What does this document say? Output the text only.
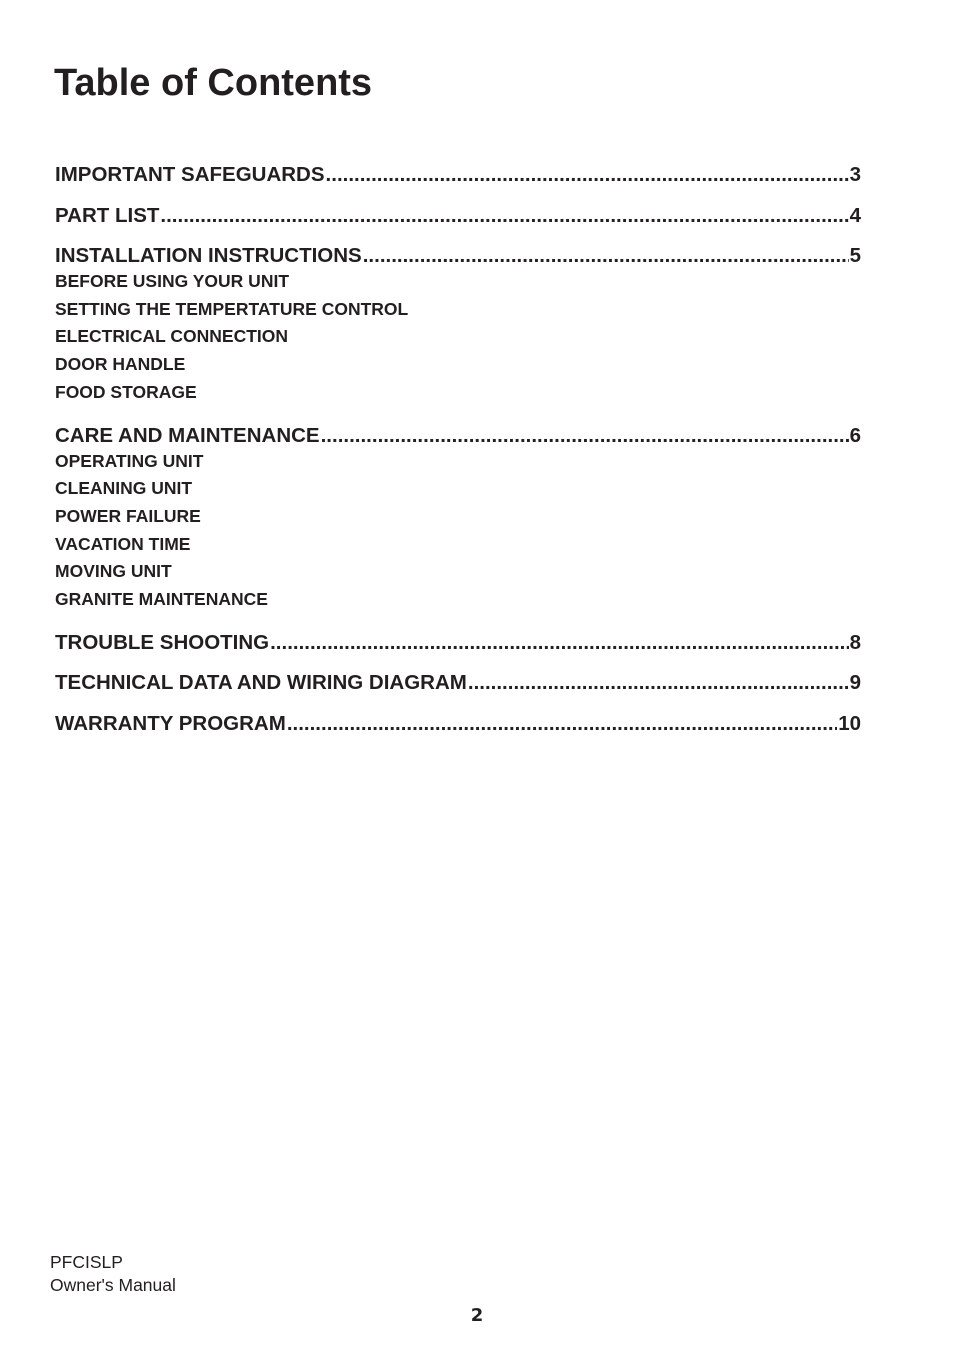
Table of Contents
IMPORTANT SAFEGUARDS .....	3
PART LIST .....	4
INSTALLATION INSTRUCTIONS .....	5
BEFORE USING YOUR UNIT
SETTING THE TEMPERTATURE CONTROL
ELECTRICAL CONNECTION
DOOR HANDLE
FOOD STORAGE
CARE AND MAINTENANCE .....	6
OPERATING UNIT
CLEANING UNIT
POWER FAILURE
VACATION TIME
MOVING UNIT
GRANITE MAINTENANCE
TROUBLE SHOOTING .....	8
TECHNICAL DATA AND WIRING DIAGRAM .....	9
WARRANTY PROGRAM .....	10
PFCISLP
Owner's Manual
2
